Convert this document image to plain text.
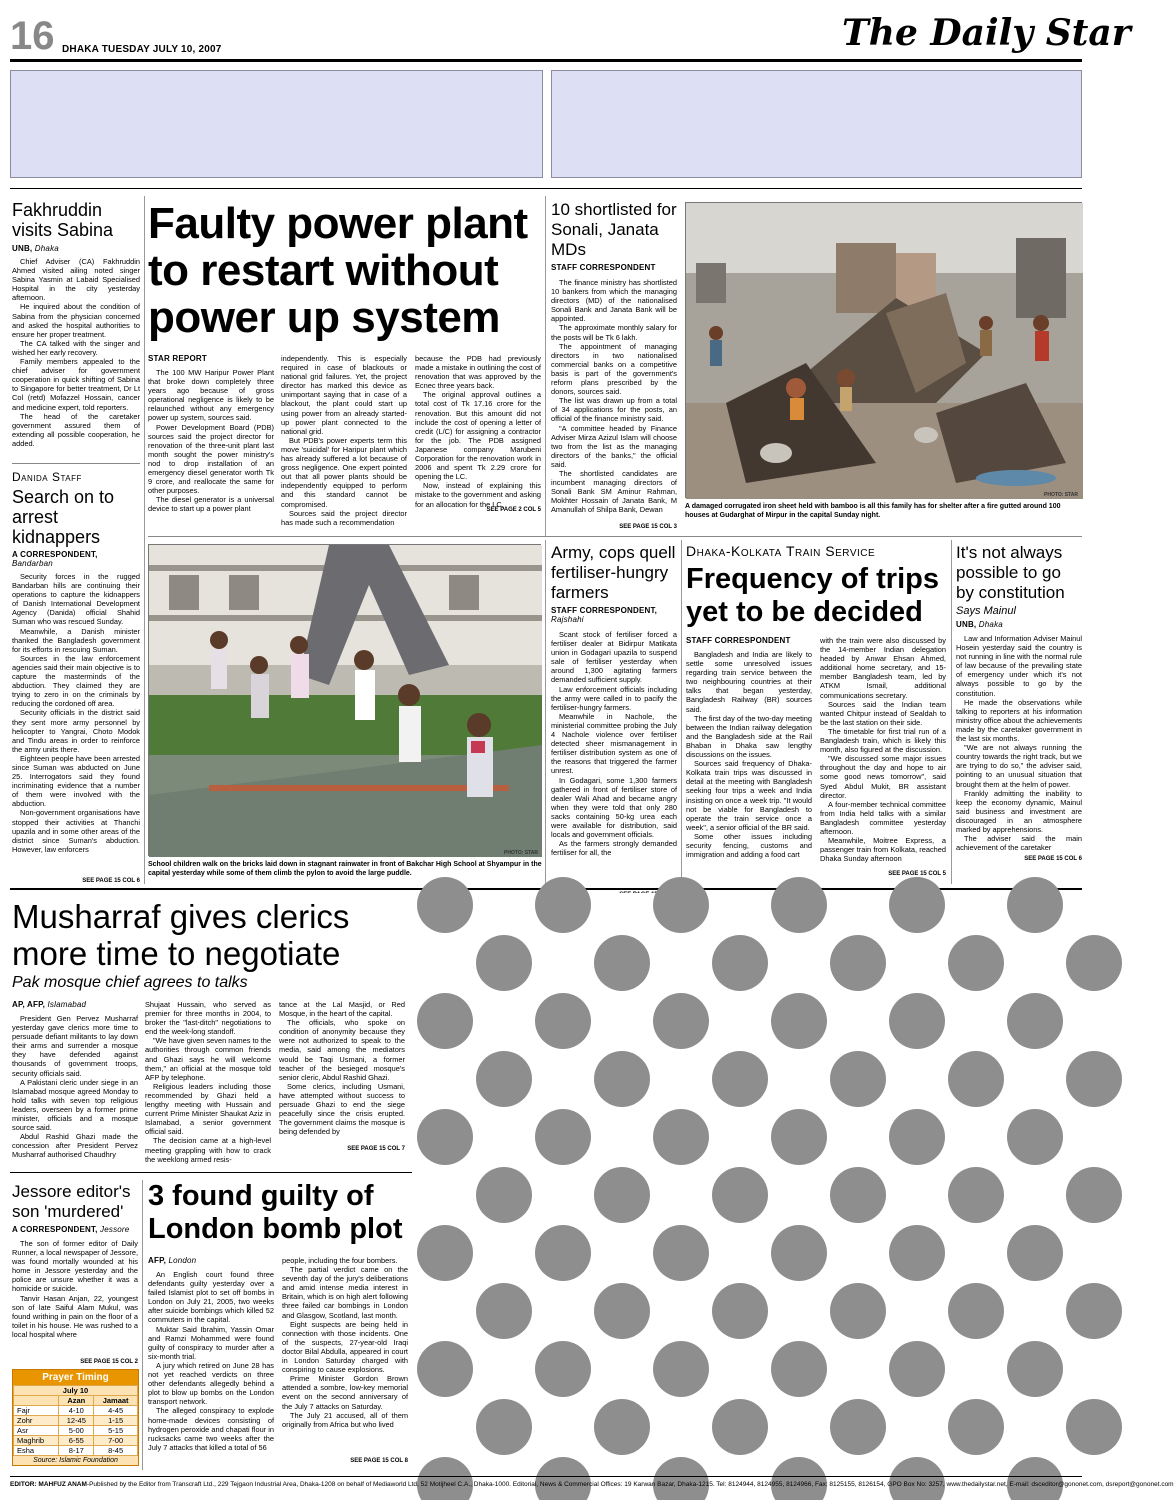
16 DHAKA TUESDAY JULY 10, 2007	The Daily Star
Fakhruddin visits Sabina
UNB, Dhaka

Chief Adviser (CA) Fakhruddin Ahmed visited ailing noted singer Sabina Yasmin at Labaid Specialised Hospital in the city yesterday afternoon.

He inquired about the condition of Sabina from the physician concerned and asked the hospital authorities to ensure her proper treatment.

The CA talked with the singer and wished her early recovery.

Family members appealed to the chief adviser for government cooperation in quick shifting of Sabina to Singapore for better treatment, Dr Lt Col (retd) Mofazzel Hossain, cancer and medicine expert, told reporters.

The head of the caretaker government assured them of extending all possible cooperation, he added.

Danida Staff
Search on to arrest kidnappers
A CORRESPONDENT, Bandarban

Security forces in the rugged Bandarban hills are continuing their operations to capture the kidnappers of Danish International Development Agency (Danida) official Shahid Suman who was rescued Sunday.

Meanwhile, a Danish minister thanked the Bangladesh government for its efforts in rescuing Suman.

Sources in the law enforcement agencies said their main objective is to capture the masterminds of the abduction. They claimed they are trying to zero in on the criminals by reducing the cordoned off area.

Security officials in the district said they sent more army personnel by helicopter to Yangrai, Choto Modok and Tindu areas in order to reinforce the army units there.

Eighteen people have been arrested since Suman was abducted on June 25. Interrogators said they found incriminating evidence that a number of them were involved with the abduction.

Non-government organisations have stopped their activities at Thanchi upazila and in some other areas of the district since Suman's abduction. However, law enforcers

SEE PAGE 15 COL 6
Faulty power plant to restart without power up system
STAR REPORT

The 100 MW Haripur Power Plant that broke down completely three years ago because of gross operational negligence is likely to be relaunched without any emergency power up system, sources said.

Power Development Board (PDB) sources said the project director for renovation of the three-unit plant last month sought the power ministry's nod to drop installation of an emergency diesel generator worth Tk 9 crore, and reallocate the same for other purposes.

The diesel generator is a universal device to start up a power plant

independently. This is especially required in case of blackouts or national grid failures. Yet, the project director has marked this device as unimportant saying that in case of a blackout, the plant could start up using power from an already started-up power plant connected to the national grid.

But PDB's power experts term this move 'suicidal' for Haripur plant which has already suffered a lot because of gross negligence. One expert pointed out that all power plants should be independently equipped to perform and this standard cannot be compromised.

Sources said the project director has made such a recommendation

because the PDB had previously made a mistake in outlining the cost of renovation that was approved by the Ecnec three years back.

The original approval outlines a total cost of Tk 17.16 crore for the renovation. But this amount did not include the cost of opening a letter of credit (L/C) for assigning a contractor for the job. The PDB assigned Japanese company Marubeni Corporation for the renovation work in 2006 and spent Tk 2.29 crore for opening the LC.

Now, instead of explaining this mistake to the government and asking for an allocation for the LC,

SEE PAGE 2 COL 5
10 shortlisted for Sonali, Janata MDs
STAFF CORRESPONDENT

The finance ministry has shortlisted 10 bankers from which the managing directors (MD) of the nationalised Sonali Bank and Janata Bank will be appointed.

The approximate monthly salary for the posts will be Tk 6 lakh.

The appointment of managing directors in two nationalised commercial banks on a competitive basis is part of the government's reform plans prescribed by the donors, sources said.

The list was drawn up from a total of 34 applications for the posts, an official of the finance ministry said.

"A committee headed by Finance Adviser Mirza Azizul Islam will choose two from the list as the managing directors of the banks," the official said.

The shortlisted candidates are incumbent managing directors of Sonali Bank SM Aminur Rahman, Mokhter Hossain of Janata Bank, M Amanullah of Shilpa Bank, Dewan

SEE PAGE 15 COL 3
PHOTO: STAR
A damaged corrugated iron sheet held with bamboo is all this family has for shelter after a fire gutted around 100 houses at Gudarghat of Mirpur in the capital Sunday night.
PHOTO: STAR
School children walk on the bricks laid down in stagnant rainwater in front of Bakchar High School at Shyampur in the capital yesterday while some of them climb the pylon to avoid the large puddle.
Army, cops quell fertiliser-hungry farmers
STAFF CORRESPONDENT, Rajshahi

Scant stock of fertiliser forced a fertiliser dealer at Bidirpur Matikata union in Godagari upazila to suspend sale of fertiliser yesterday when around 1,300 agitating farmers demanded sufficient supply.

Law enforcement officials including the army were called in to pacify the fertiliser-hungry farmers.

Meanwhile in Nachole, the ministerial committee probing the July 4 Nachole violence over fertiliser detected sheer mismanagement in fertiliser distribution system as one of the reasons that triggered the farmer unrest.

In Godagari, some 1,300 farmers gathered in front of fertiliser store of dealer Wali Ahad and became angry when they were told that only 280 sacks containing 50-kg urea each were available for distribution, said locals and government officials.

As the farmers strongly demanded fertiliser for all, the

Dhaka-Kolkata Train Service
Frequency of trips yet to be decided
STAFF CORRESPONDENT

Bangladesh and India are likely to settle some unresolved issues regarding train service between the two neighbouring countries at their talks that began yesterday, Bangladesh Railway (BR) sources said.

The first day of the two-day meeting between the Indian railway delegation and the Bangladesh side at the Rail Bhaban in Dhaka saw lengthy discussions on the issues.

Sources said frequency of Dhaka-Kolkata train trips was discussed in detail at the meeting with Bangladesh seeking four trips a week and India insisting on once a week trip. "It would not be viable for Bangladesh to operate the train service once a week", a senior official of the BR said.

Some other issues including security fencing, customs and immigration and adding a food cart

with the train were also discussed by the 14-member Indian delegation headed by Anwar Ehsan Ahmed, additional home secretary, and 15-member Bangladesh team, led by ATKM Ismail, additional communications secretary.

Sources said the Indian team wanted Chitpur instead of Sealdah to be the last station on their side.

The timetable for first trial run of a Bangladesh train, which is likely this month, also figured at the discussion.

"We discussed some major issues throughout the day and hope to air some good news tomorrow", said Syed Abdul Mukit, BR assistant director.

A four-member technical committee from India held talks with a similar Bangladesh committee yesterday afternoon.

Meanwhile, Moitree Express, a passenger train from Kolkata, reached Dhaka Sunday afternoon

SEE PAGE 15 COL 5
It's not always possible to go by constitution
Says Mainul
UNB, Dhaka

Law and Information Adviser Mainul Hosein yesterday said the country is not running in line with the normal rule of law because of the prevailing state of emergency under which it's not always possible to go by the constitution.

He made the observations while talking to reporters at his information ministry office about the achievements made by the caretaker government in the last six months.

"We are not always running the country towards the right track, but we are trying to do so," the adviser said, pointing to an unusual situation that brought them at the helm of power.

Frankly admitting the inability to keep the economy dynamic, Mainul said business and investment are discouraged in an atmosphere marked by apprehensions.

The adviser said the main achievement of the caretaker

SEE PAGE 15 COL 6
Musharraf gives clerics more time to negotiate
Pak mosque chief agrees to talks
AP, AFP, Islamabad

President Gen Pervez Musharraf yesterday gave clerics more time to persuade defiant militants to lay down their arms and surrender a mosque they have defended against thousands of government troops, security officials said.

A Pakistani cleric under siege in an Islamabad mosque agreed Monday to hold talks with seven top religious leaders, overseen by a former prime minister, officials and a mosque source said.

Abdul Rashid Ghazi made the concession after President Pervez Musharraf authorised Chaudhry

Shujaat Hussain, who served as premier for three months in 2004, to broker the "last-ditch" negotiations to end the week-long standoff.

"We have given seven names to the authorities through common friends and Ghazi says he will welcome them," an official at the mosque told AFP by telephone.

Religious leaders including those recommended by Ghazi held a lengthy meeting with Hussain and current Prime Minister Shaukat Aziz in Islamabad, a senior government official said.

The decision came at a high-level meeting grappling with how to crack the weeklong armed resis-

tance at the Lal Masjid, or Red Mosque, in the heart of the capital.

The officials, who spoke on condition of anonymity because they were not authorized to speak to the media, said among the mediators would be Taqi Usmani, a former teacher of the besieged mosque's senior cleric, Abdul Rashid Ghazi.

Some clerics, including Usmani, have attempted without success to persuade Ghazi to end the siege peacefully since the crisis erupted. The government claims the mosque is being defended by

SEE PAGE 15 COL 7
Jessore editor's son 'murdered'
A CORRESPONDENT, Jessore

The son of former editor of Daily Runner, a local newspaper of Jessore, was found mortally wounded at his home in Jessore yesterday and the police are unsure whether it was a homicide or suicide.

Tanvir Hasan Anjan, 22, youngest son of late Saiful Alam Mukul, was found writhing in pain on the floor of a toilet in his house. He was rushed to a local hospital where

SEE PAGE 15 COL 2
Prayer Timing
July 10		
	Azan	Jamaat
Fajr	4-10	4-45
Zohr	12-45	1-15
Asr	5-00	5-15
Maghrib	6-55	7-00
Esha	8-17	8-45
Source: Islamic Foundation
3 found guilty of London bomb plot
AFP, London

An English court found three defendants guilty yesterday over a failed Islamist plot to set off bombs in London on July 21, 2005, two weeks after suicide bombings which killed 52 commuters in the capital.

Muktar Said Ibrahim, Yassin Omar and Ramzi Mohammed were found guilty of conspiracy to murder after a six-month trial.

A jury which retired on June 28 has not yet reached verdicts on three other defendants allegedly behind a plot to blow up bombs on the London transport network.

The alleged conspiracy to explode home-made devices consisting of hydrogen peroxide and chapati flour in rucksacks came two weeks after the July 7 attacks that killed a total of 56

people, including the four bombers.

The partial verdict came on the seventh day of the jury's deliberations and amid intense media interest in Britain, which is on high alert following three failed car bombings in London and Glasgow, Scotland, last month.

Eight suspects are being held in connection with those incidents. One of the suspects, 27-year-old Iraqi doctor Bilal Abdulla, appeared in court in London Saturday charged with conspiring to cause explosions.

Prime Minister Gordon Brown attended a sombre, low-key memorial event on the second anniversary of the July 7 attacks on Saturday.

The July 21 accused, all of them originally from Africa but who lived

SEE PAGE 15 COL 8
EDITOR: MAHFUZ ANAM-Published by the Editor from Transcraft Ltd., 229 Tejgaon Industrial Area, Dhaka-1208 on behalf of Mediaworld Ltd. 52 Motijheel C.A., Dhaka-1000. Editorial, News & Commercial Offices: 19 Karwan Bazar, Dhaka-1215. Tel: 8124944, 8124955, 8124966, Fax: 8125155, 8126154, GPO Box No: 3257, www.thedailystar.net, E-mail: dsceditor@gononet.com, dsreport@gononet.com
